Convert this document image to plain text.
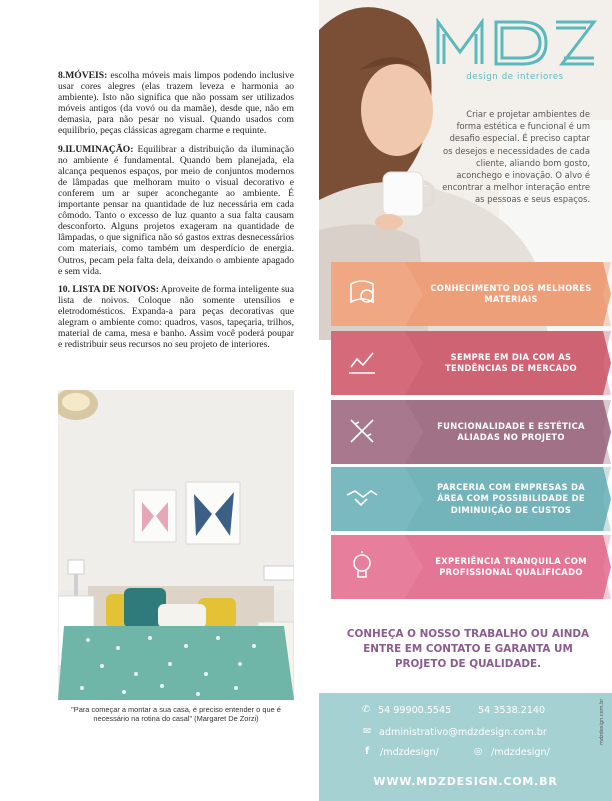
8.MÓVEIS: escolha móveis mais limpos podendo inclusive usar cores alegres (elas trazem leveza e harmonia ao ambiente). Isto não significa que não possam ser utilizados móveis antigos (da vovó ou da mamãe), desde que, não em demasia, para não pesar no visual. Quando usados com equilíbrio, peças clássicas agregam charme e requinte.

9.ILUMINAÇÃO: Equilibrar a distribuição da iluminação no ambiente é fundamental. Quando bem planejada, ela alcança pequenos espaços, por meio de conjuntos modernos de lâmpadas que melhoram muito o visual decorativo e conferem um ar super aconchegante ao ambiente. É importante pensar na quantidade de luz necessária em cada cômodo. Tanto o excesso de luz quanto a sua falta causam desconforto. Alguns projetos exageram na quantidade de lâmpadas, o que significa não só gastos extras desnecessários com materiais, como também um desperdício de energia. Outros, pecam pela falta dela, deixando o ambiente apagado e sem vida.

10. LISTA DE NOIVOS: Aproveite de forma inteligente sua lista de noivos. Coloque não somente utensílios e eletrodomésticos. Expanda-a para peças decorativas que alegram o ambiente como: quadros, vasos, tapeçaria, trilhos, material de cama, mesa e banho. Assim você poderá poupar e redistribuir seus recursos no seu projeto de interiores.

"Para começar a montar a sua casa, é preciso entender o que é necessário na rotina do casal" (Margaret De Zorzi)
design de interiores
Criar e projetar ambientes de forma estética e funcional é um desafio especial. É preciso captar os desejos e necessidades de cada cliente, aliando bom gosto, aconchego e inovação. O alvo é encontrar a melhor interação entre as pessoas e seus espaços.
CONHECIMENTO DOS MELHORES MATERIAIS
SEMPRE EM DIA COM AS TENDÊNCIAS DE MERCADO
FUNCIONALIDADE E ESTÉTICA ALIADAS NO PROJETO
PARCERIA COM EMPRESAS DA ÁREA COM POSSIBILIDADE DE DIMINUIÇÃO DE CUSTOS
EXPERIÊNCIA TRANQUILA COM PROFISSIONAL QUALIFICADO
CONHEÇA O NOSSO TRABALHO OU AINDA ENTRE EM CONTATO E GARANTA UM PROJETO DE QUALIDADE.
✆ 54 99900.5545	54 3538.2140
✉ administrativo@mdzdesign.com.br
f /mdzdesign/	◎ /mdzdesign/
WWW.MDZDESIGN.COM.BR
mdzdesign.com.br
